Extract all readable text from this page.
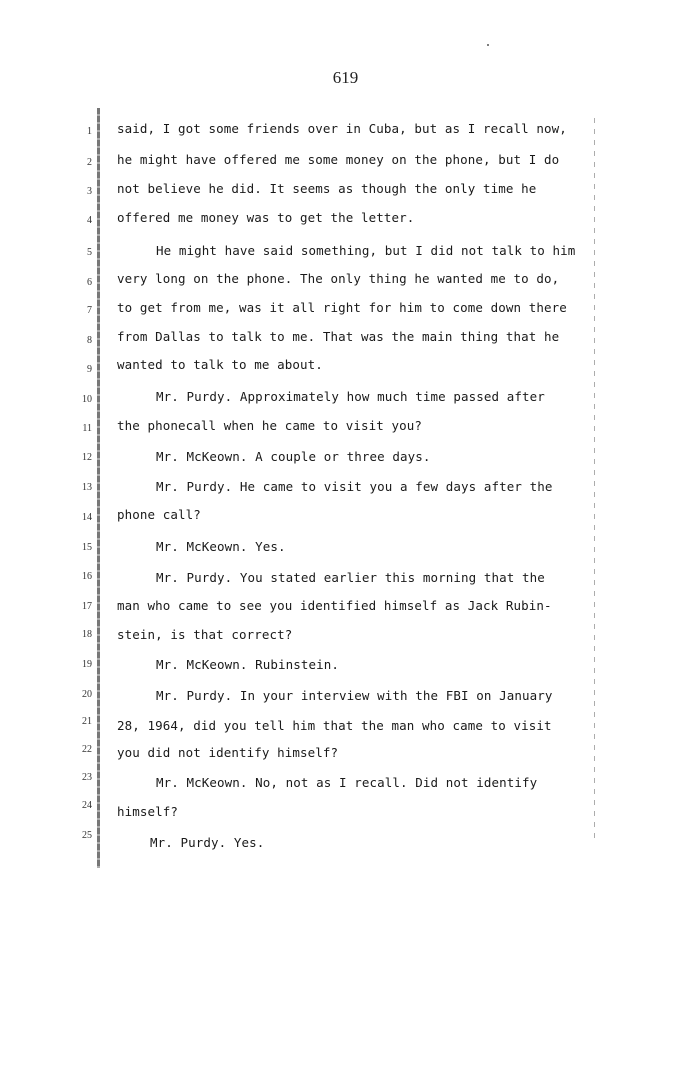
619
1 said, I got some friends over in Cuba, but as I recall now,
2 he might have offered me some money on the phone, but I do
3 not believe he did. It seems as though the only time he
4 offered me money was to get the letter.
5	He might have said something, but I did not talk to him
6 very long on the phone. The only thing he wanted me to do,
7 to get from me, was it all right for him to come down there
8 from Dallas to talk to me. That was the main thing that he
9 wanted to talk to me about.
10	Mr. Purdy. Approximately how much time passed after
11 the phonecall when he came to visit you?
12	Mr. McKeown. A couple or three days.
13	Mr. Purdy. He came to visit you a few days after the
14 phone call?
15	Mr. McKeown. Yes.
16	Mr. Purdy. You stated earlier this morning that the
17 man who came to see you identified himself as Jack Rubin-
18 stein, is that correct?
19	Mr. McKeown. Rubinstein.
20	Mr. Purdy. In your interview with the FBI on January
21 28, 1964, did you tell him that the man who came to visit
22 you did not identify himself?
23	Mr. McKeown. No, not as I recall. Did not identify
24 himself?
25	Mr. Purdy. Yes.
